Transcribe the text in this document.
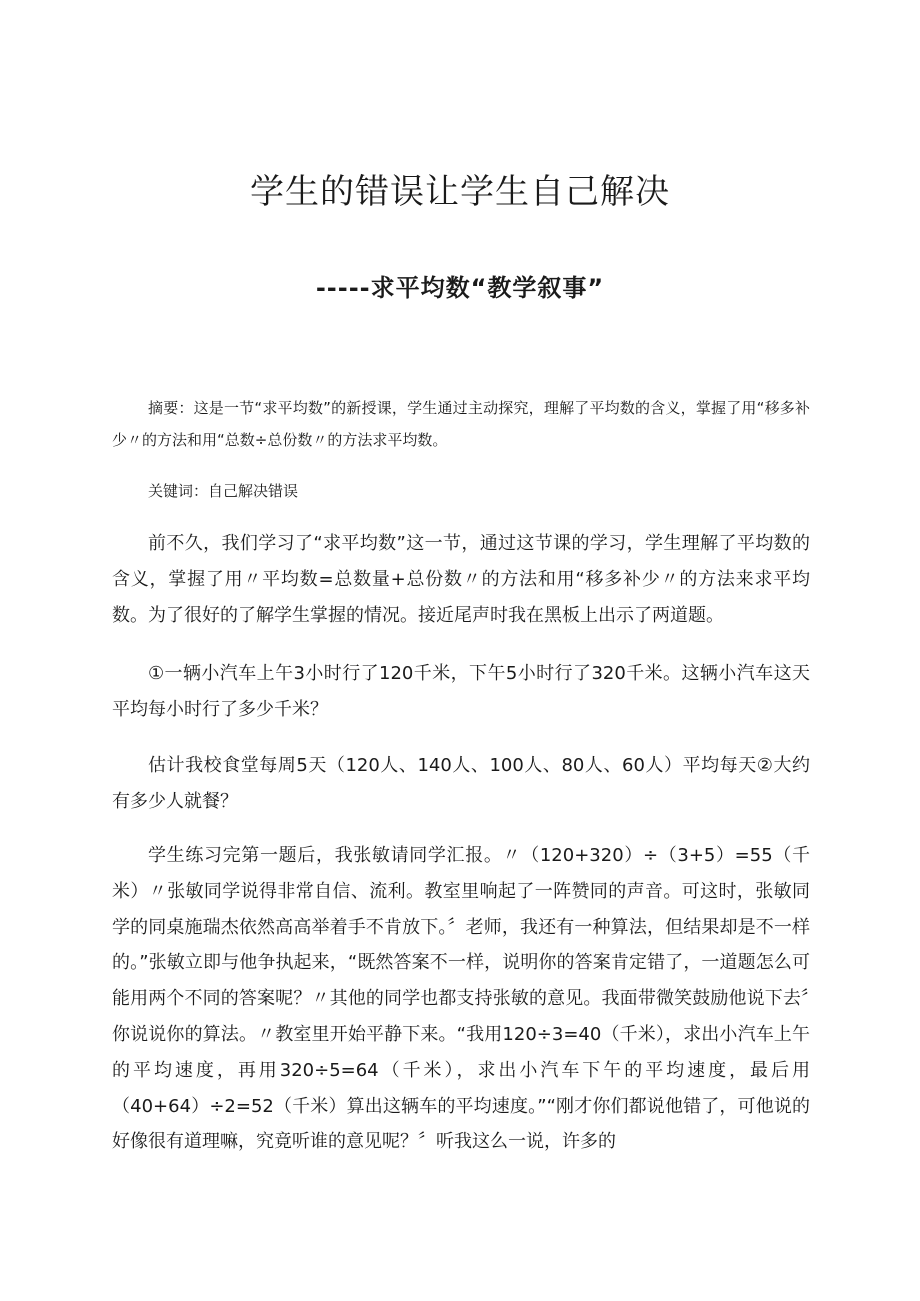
学生的错误让学生自己解决
-----求平均数“教学叙事”

摘要：这是一节“求平均数”的新授课，学生通过主动探究，理解了平均数的含义，掌握了用“移多补少〃的方法和用“总数÷总份数〃的方法求平均数。

关键词：自己解决错误

前不久，我们学习了“求平均数”这一节，通过这节课的学习，学生理解了平均数的含义，掌握了用〃平均数=总数量+总份数〃的方法和用“移多补少〃的方法来求平均数。为了很好的了解学生掌握的情况。接近尾声时我在黑板上出示了两道题。

①一辆小汽车上午3小时行了120千米，下午5小时行了320千米。这辆小汽车这天平均每小时行了多少千米？

估计我校食堂每周5天（120人、140人、100人、80人、60人）平均每天②大约有多少人就餐？

学生练习完第一题后，我张敏请同学汇报。〃（120+320）÷（3+5）=55（千米）〃张敏同学说得非常自信、流利。教室里响起了一阵赞同的声音。可这时，张敏同学的同桌施瑞杰依然高高举着手不肯放下。〞老师，我还有一种算法，但结果却是不一样的。”张敏立即与他争执起来，“既然答案不一样，说明你的答案肯定错了，一道题怎么可能用两个不同的答案呢？〃其他的同学也都支持张敏的意见。我面带微笑鼓励他说下去〞你说说你的算法。〃教室里开始平静下来。“我用120÷3=40（千米），求出小汽车上午的平均速度，再用320÷5=64（千米），求出小汽车下午的平均速度，最后用（40+64）÷2=52（千米）算出这辆车的平均速度。”“刚才你们都说他错了，可他说的好像很有道理嘛，究竟听谁的意见呢？〞听我这么一说，许多的
